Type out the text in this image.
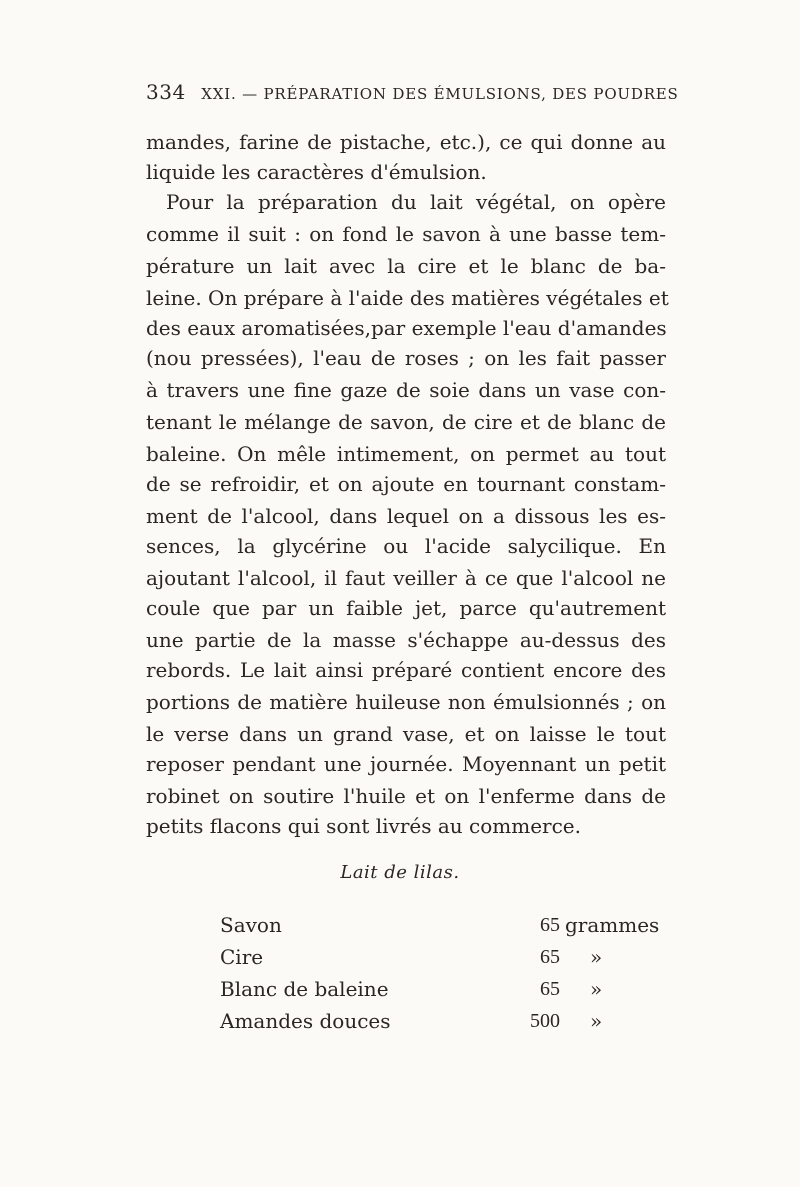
334 XXI. — PRÉPARATION DES ÉMULSIONS, DES POUDRES
mandes, farine de pistache, etc.), ce qui donne au
liquide les caractères d'émulsion.
Pour la préparation du lait végétal, on opère
comme il suit : on fond le savon à une basse tem-
pérature un lait avec la cire et le blanc de ba-
leine. On prépare à l'aide des matières végétales et
des eaux aromatisées,par exemple l'eau d'amandes
(nou pressées), l'eau de roses ; on les fait passer
à travers une fine gaze de soie dans un vase con-
tenant le mélange de savon, de cire et de blanc de
baleine. On mêle intimement, on permet au tout
de se refroidir, et on ajoute en tournant constam-
ment de l'alcool, dans lequel on a dissous les es-
sences, la glycérine ou l'acide salycilique. En
ajoutant l'alcool, il faut veiller à ce que l'alcool ne
coule que par un faible jet, parce qu'autrement
une partie de la masse s'échappe au-dessus des
rebords. Le lait ainsi préparé contient encore des
portions de matière huileuse non émulsionnés ; on
le verse dans un grand vase, et on laisse le tout
reposer pendant une journée. Moyennant un petit
robinet on soutire l'huile et on l'enferme dans de
petits flacons qui sont livrés au commerce.
Lait de lilas.
Savon	65 grammes
Cire	65 »
Blanc de baleine	65 »
Amandes douces	500 »
